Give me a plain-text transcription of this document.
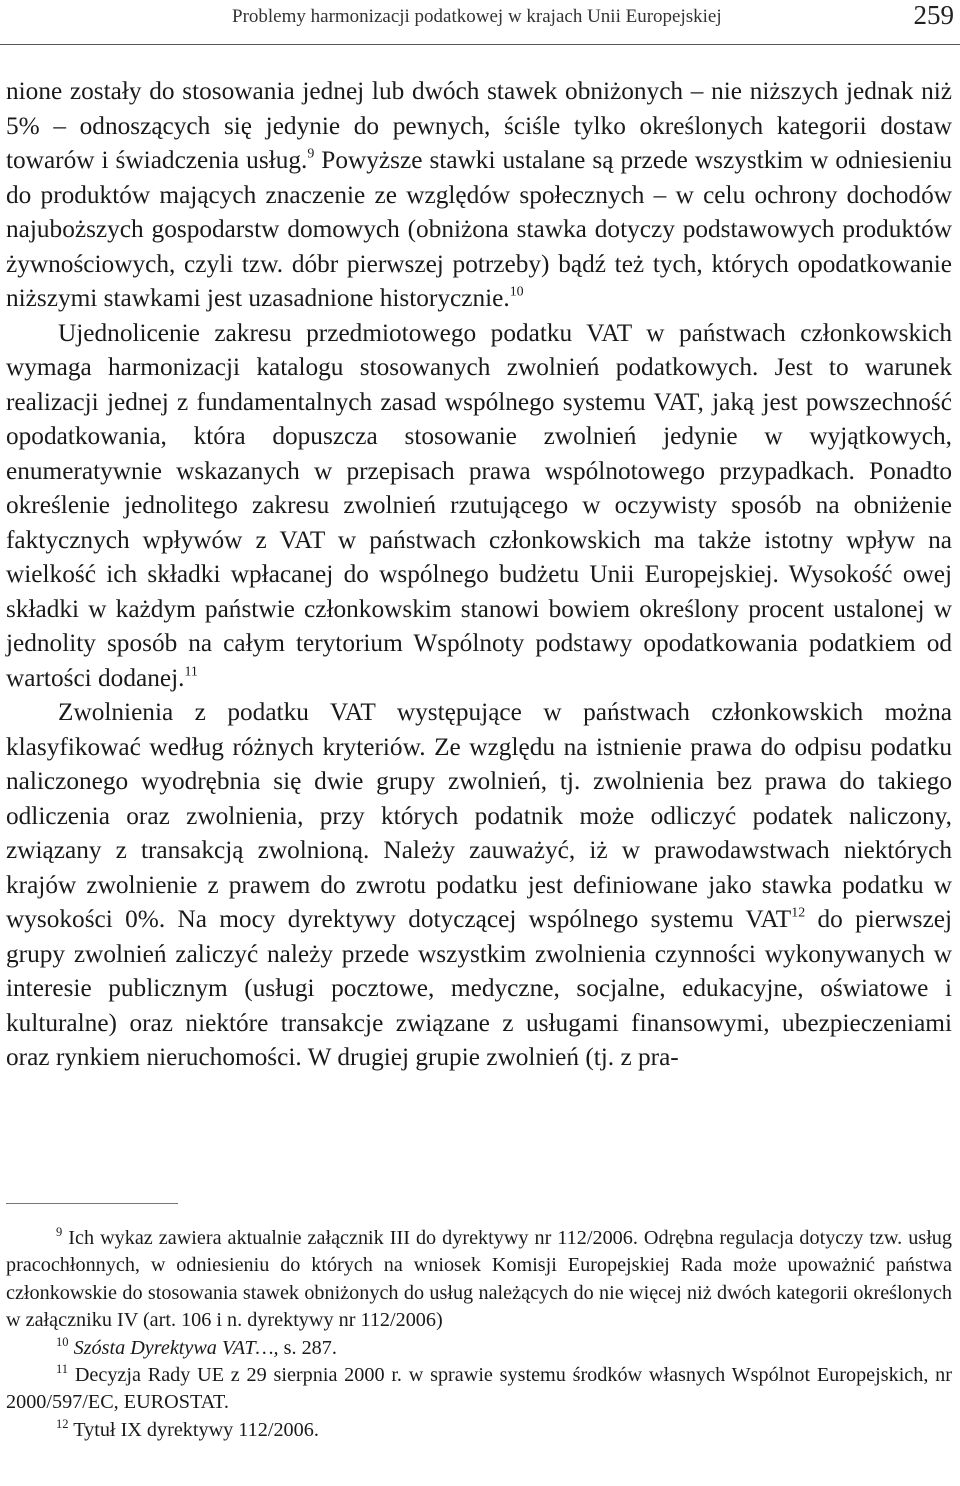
Problemy harmonizacji podatkowej w krajach Unii Europejskiej	259

nione zostały do stosowania jednej lub dwóch stawek obniżonych – nie niższych jednak niż 5% – odnoszących się jedynie do pewnych, ściśle tylko określonych kategorii dostaw towarów i świadczenia usług.$^9$ Powyższe stawki ustalane są przede wszystkim w odniesieniu do produktów mających znaczenie ze względów społecznych – w celu ochrony dochodów najuboższych gospodarstw domowych (obniżona stawka dotyczy podstawowych produktów żywnościowych, czyli tzw. dóbr pierwszej potrzeby) bądź też tych, których opodatkowanie niższymi stawkami jest uzasadnione historycznie.$^{10}$

Ujednolicenie zakresu przedmiotowego podatku VAT w państwach członkowskich wymaga harmonizacji katalogu stosowanych zwolnień podatkowych. Jest to warunek realizacji jednej z fundamentalnych zasad wspólnego systemu VAT, jaką jest powszechność opodatkowania, która dopuszcza stosowanie zwolnień jedynie w wyjątkowych, enumeratywnie wskazanych w przepisach prawa wspólnotowego przypadkach. Ponadto określenie jednolitego zakresu zwolnień rzutującego w oczywisty sposób na obniżenie faktycznych wpływów z VAT w państwach członkowskich ma także istotny wpływ na wielkość ich składki wpłacanej do wspólnego budżetu Unii Europejskiej. Wysokość owej składki w każdym państwie członkowskim stanowi bowiem określony procent ustalonej w jednolity sposób na całym terytorium Wspólnoty podstawy opodatkowania podatkiem od wartości dodanej.$^{11}$

Zwolnienia z podatku VAT występujące w państwach członkowskich można klasyfikować według różnych kryteriów. Ze względu na istnienie prawa do odpisu podatku naliczonego wyodrębnia się dwie grupy zwolnień, tj. zwolnienia bez prawa do takiego odliczenia oraz zwolnienia, przy których podatnik może odliczyć podatek naliczony, związany z transakcją zwolnioną. Należy zauważyć, iż w prawodawstwach niektórych krajów zwolnienie z prawem do zwrotu podatku jest definiowane jako stawka podatku w wysokości 0%. Na mocy dyrektywy dotyczącej wspólnego systemu VAT$^{12}$ do pierwszej grupy zwolnień zaliczyć należy przede wszystkim zwolnienia czynności wykonywanych w interesie publicznym (usługi pocztowe, medyczne, socjalne, edukacyjne, oświatowe i kulturalne) oraz niektóre transakcje związane z usługami finansowymi, ubezpieczeniami oraz rynkiem nieruchomości. W drugiej grupie zwolnień (tj. z pra-

$^9$ Ich wykaz zawiera aktualnie załącznik III do dyrektywy nr 112/2006. Odrębna regulacja dotyczy tzw. usług pracochłonnych, w odniesieniu do których na wniosek Komisji Europejskiej Rada może upoważnić państwa członkowskie do stosowania stawek obniżonych do usług należących do nie więcej niż dwóch kategorii określonych w załączniku IV (art. 106 i n. dyrektywy nr 112/2006)

$^{10}$ Szósta Dyrektywa VAT…, s. 287.

$^{11}$ Decyzja Rady UE z 29 sierpnia 2000 r. w sprawie systemu środków własnych Wspólnot Europejskich, nr 2000/597/EC, EUROSTAT.

$^{12}$ Tytuł IX dyrektywy 112/2006.
